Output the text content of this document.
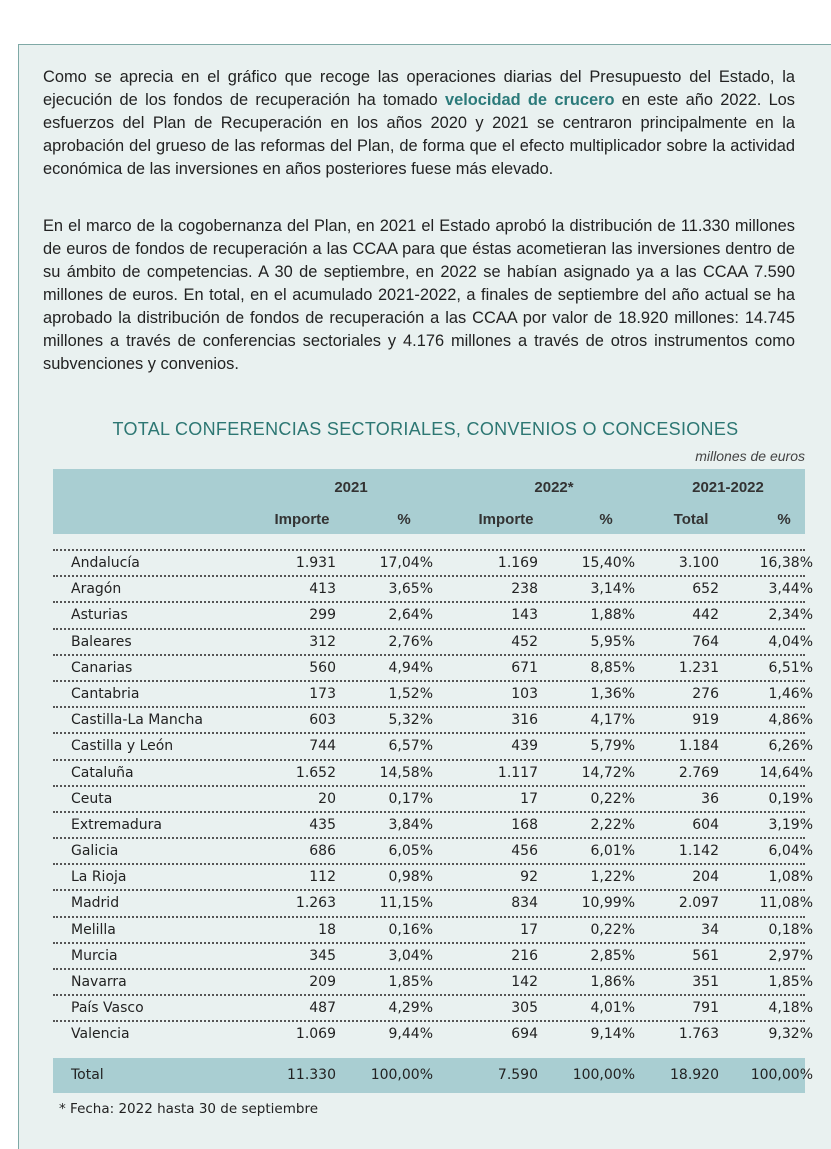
Como se aprecia en el gráfico que recoge las operaciones diarias del Presupuesto del Estado, la ejecución de los fondos de recuperación ha tomado velocidad de crucero en este año 2022. Los esfuerzos del Plan de Recuperación en los años 2020 y 2021 se centraron principalmente en la aprobación del grueso de las reformas del Plan, de forma que el efecto multiplicador sobre la actividad económica de las inversiones en años posteriores fuese más elevado.

En el marco de la cogobernanza del Plan, en 2021 el Estado aprobó la distribución de 11.330 millones de euros de fondos de recuperación a las CCAA para que éstas acometieran las inversiones dentro de su ámbito de competencias. A 30 de septiembre, en 2022 se habían asignado ya a las CCAA 7.590 millones de euros. En total, en el acumulado 2021-2022, a finales de septiembre del año actual se ha aprobado la distribución de fondos de recuperación a las CCAA por valor de 18.920 millones: 14.745 millones a través de conferencias sectoriales y 4.176 millones a través de otros instrumentos como subvenciones y convenios.

TOTAL CONFERENCIAS SECTORIALES, CONVENIOS O CONCESIONES
millones de euros
2021	2022*	2021-2022
Importe	%	Importe	%	Total	%
Andalucía	1.931	17,04%	1.169	15,40%	3.100	16,38%
Aragón	413	3,65%	238	3,14%	652	3,44%
Asturias	299	2,64%	143	1,88%	442	2,34%
Baleares	312	2,76%	452	5,95%	764	4,04%
Canarias	560	4,94%	671	8,85%	1.231	6,51%
Cantabria	173	1,52%	103	1,36%	276	1,46%
Castilla-La Mancha	603	5,32%	316	4,17%	919	4,86%
Castilla y León	744	6,57%	439	5,79%	1.184	6,26%
Cataluña	1.652	14,58%	1.117	14,72%	2.769	14,64%
Ceuta	20	0,17%	17	0,22%	36	0,19%
Extremadura	435	3,84%	168	2,22%	604	3,19%
Galicia	686	6,05%	456	6,01%	1.142	6,04%
La Rioja	112	0,98%	92	1,22%	204	1,08%
Madrid	1.263	11,15%	834	10,99%	2.097	11,08%
Melilla	18	0,16%	17	0,22%	34	0,18%
Murcia	345	3,04%	216	2,85%	561	2,97%
Navarra	209	1,85%	142	1,86%	351	1,85%
País Vasco	487	4,29%	305	4,01%	791	4,18%
Valencia	1.069	9,44%	694	9,14%	1.763	9,32%
Total	11.330 100,00%	7.590 100,00%	18.920 100,00%
* Fecha: 2022 hasta 30 de septiembre
